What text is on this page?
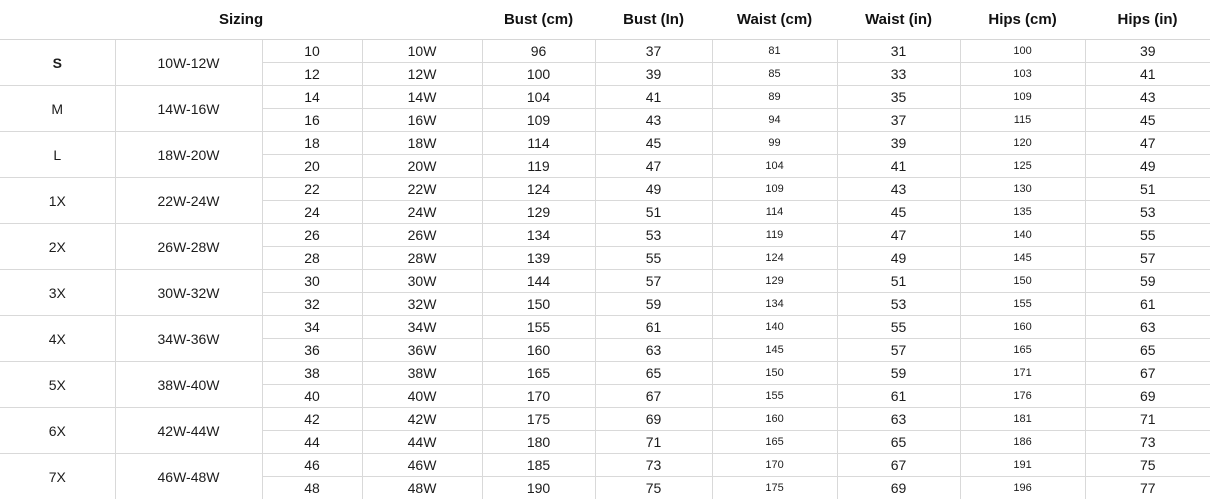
Sizing				Bust (cm)	Bust (In)	Waist (cm)	Waist (in)	Hips (cm)	Hips (in)
S	10W-12W	10	10W	96	37	81	31	100	39
		12	12W	100	39	85	33	103	41
M	14W-16W	14	14W	104	41	89	35	109	43
		16	16W	109	43	94	37	115	45
L	18W-20W	18	18W	114	45	99	39	120	47
		20	20W	119	47	104	41	125	49
1X	22W-24W	22	22W	124	49	109	43	130	51
		24	24W	129	51	114	45	135	53
2X	26W-28W	26	26W	134	53	119	47	140	55
		28	28W	139	55	124	49	145	57
3X	30W-32W	30	30W	144	57	129	51	150	59
		32	32W	150	59	134	53	155	61
4X	34W-36W	34	34W	155	61	140	55	160	63
		36	36W	160	63	145	57	165	65
5X	38W-40W	38	38W	165	65	150	59	171	67
		40	40W	170	67	155	61	176	69
6X	42W-44W	42	42W	175	69	160	63	181	71
		44	44W	180	71	165	65	186	73
7X	46W-48W	46	46W	185	73	170	67	191	75
		48	48W	190	75	175	69	196	77
